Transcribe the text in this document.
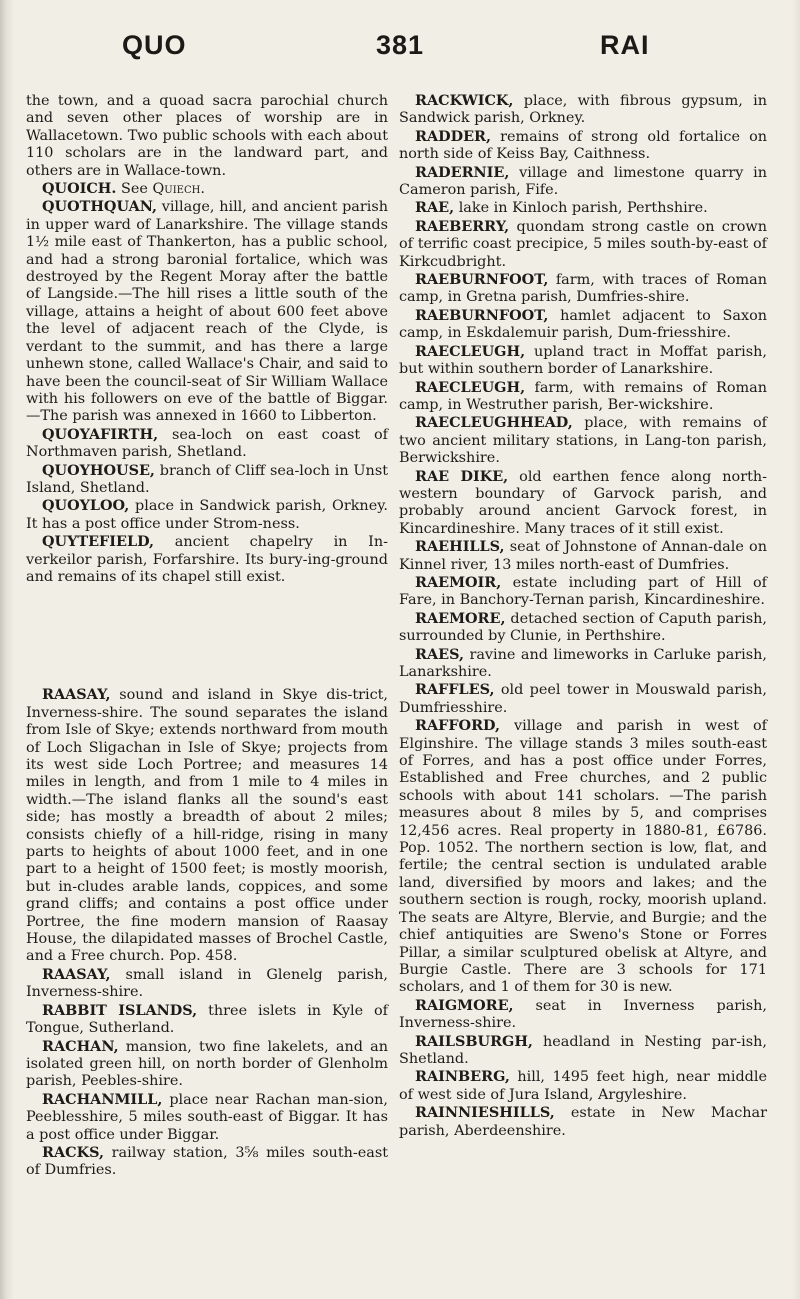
QUO	381	RAI

the town, and a quoad sacra parochial church and seven other places of worship are in Wallacetown. Two public schools with each about 110 scholars are in the landward part, and others are in Wallace-town.

QUOICH. See Quiech.

QUOTHQUAN, village, hill, and ancient parish in upper ward of Lanarkshire. The village stands 1½ mile east of Thankerton, has a public school, and had a strong baronial fortalice, which was destroyed by the Regent Moray after the battle of Langside.—The hill rises a little south of the village, attains a height of about 600 feet above the level of adjacent reach of the Clyde, is verdant to the summit, and has there a large unhewn stone, called Wallace's Chair, and said to have been the council-seat of Sir William Wallace with his followers on eve of the battle of Biggar.—The parish was annexed in 1660 to Libberton.

QUOYAFIRTH, sea-loch on east coast of Northmaven parish, Shetland.

QUOYHOUSE, branch of Cliff sea-loch in Unst Island, Shetland.

QUOYLOO, place in Sandwick parish, Orkney. It has a post office under Strom-ness.

QUYTEFIELD, ancient chapelry in In-verkeilor parish, Forfarshire. Its bury-ing-ground and remains of its chapel still exist.

RAASAY, sound and island in Skye dis-trict, Inverness-shire. The sound separates the island from Isle of Skye; extends northward from mouth of Loch Sligachan in Isle of Skye; projects from its west side Loch Portree; and measures 14 miles in length, and from 1 mile to 4 miles in width.—The island flanks all the sound's east side; has mostly a breadth of about 2 miles; consists chiefly of a hill-ridge, rising in many parts to heights of about 1000 feet, and in one part to a height of 1500 feet; is mostly moorish, but in-cludes arable lands, coppices, and some grand cliffs; and contains a post office under Portree, the fine modern mansion of Raasay House, the dilapidated masses of Brochel Castle, and a Free church. Pop. 458.

RAASAY, small island in Glenelg parish, Inverness-shire.

RABBIT ISLANDS, three islets in Kyle of Tongue, Sutherland.

RACHAN, mansion, two fine lakelets, and an isolated green hill, on north border of Glenholm parish, Peebles-shire.

RACHANMILL, place near Rachan man-sion, Peeblesshire, 5 miles south-east of Biggar. It has a post office under Biggar.

RACKS, railway station, 3⅝ miles south-east of Dumfries.

RACKWICK, place, with fibrous gypsum, in Sandwick parish, Orkney.

RADDER, remains of strong old fortalice on north side of Keiss Bay, Caithness.

RADERNIE, village and limestone quarry in Cameron parish, Fife.

RAE, lake in Kinloch parish, Perthshire.

RAEBERRY, quondam strong castle on crown of terrific coast precipice, 5 miles south-by-east of Kirkcudbright.

RAEBURNFOOT, farm, with traces of Roman camp, in Gretna parish, Dumfries-shire.

RAEBURNFOOT, hamlet adjacent to Saxon camp, in Eskdalemuir parish, Dum-friesshire.

RAECLEUGH, upland tract in Moffat parish, but within southern border of Lanarkshire.

RAECLEUGH, farm, with remains of Roman camp, in Westruther parish, Ber-wickshire.

RAECLEUGHHEAD, place, with remains of two ancient military stations, in Lang-ton parish, Berwickshire.

RAE DIKE, old earthen fence along north-western boundary of Garvock parish, and probably around ancient Garvock forest, in Kincardineshire. Many traces of it still exist.

RAEHILLS, seat of Johnstone of Annan-dale on Kinnel river, 13 miles north-east of Dumfries.

RAEMOIR, estate including part of Hill of Fare, in Banchory-Ternan parish, Kincardineshire.

RAEMORE, detached section of Caputh parish, surrounded by Clunie, in Perthshire.

RAES, ravine and limeworks in Carluke parish, Lanarkshire.

RAFFLES, old peel tower in Mouswald parish, Dumfriesshire.

RAFFORD, village and parish in west of Elginshire. The village stands 3 miles south-east of Forres, and has a post office under Forres, Established and Free churches, and 2 public schools with about 141 scholars. —The parish measures about 8 miles by 5, and comprises 12,456 acres. Real property in 1880-81, £6786. Pop. 1052. The northern section is low, flat, and fertile; the central section is undulated arable land, diversified by moors and lakes; and the southern section is rough, rocky, moorish upland. The seats are Altyre, Blervie, and Burgie; and the chief antiquities are Sweno's Stone or Forres Pillar, a similar sculptured obelisk at Altyre, and Burgie Castle. There are 3 schools for 171 scholars, and 1 of them for 30 is new.

RAIGMORE, seat in Inverness parish, Inverness-shire.

RAILSBURGH, headland in Nesting par-ish, Shetland.

RAINBERG, hill, 1495 feet high, near middle of west side of Jura Island, Argyleshire.

RAINNIESHILLS, estate in New Machar parish, Aberdeenshire.
